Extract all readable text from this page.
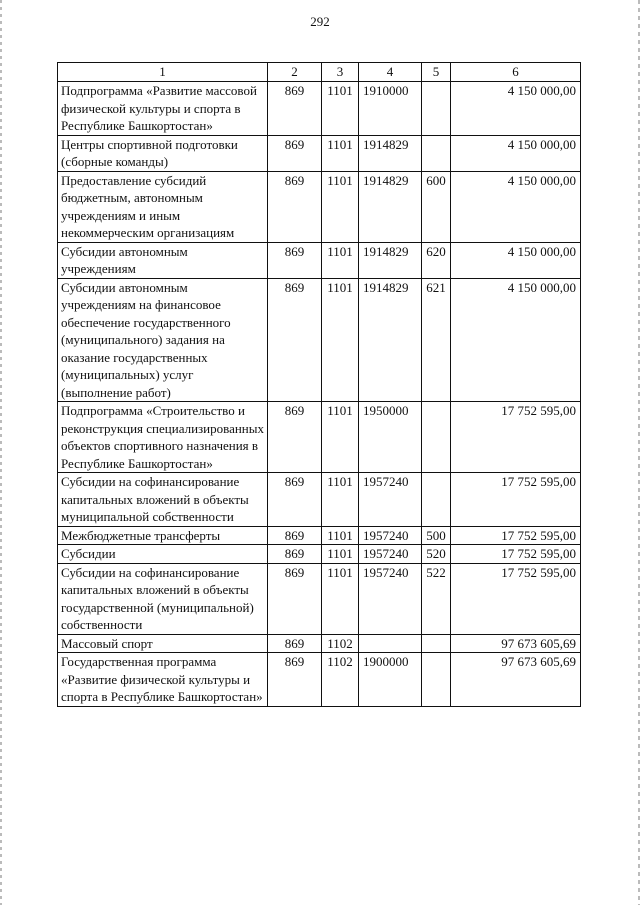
292
1	2	3	4	5	6
Подпрограмма «Развитие массовой физической культуры и спорта в Республике Башкортостан»	869	1101	1910000		4 150 000,00
Центры спортивной подготовки (сборные команды)	869	1101	1914829		4 150 000,00
Предоставление субсидий бюджетным, автономным учреждениям и иным некоммерческим организациям	869	1101	1914829	600	4 150 000,00
Субсидии автономным учреждениям	869	1101	1914829	620	4 150 000,00
Субсидии автономным учреждениям на финансовое обеспечение государственного (муниципального) задания на оказание государственных (муниципальных) услуг (выполнение работ)	869	1101	1914829	621	4 150 000,00
Подпрограмма «Строительство и реконструкция специализированных объектов спортивного назначения в Республике Башкортостан»	869	1101	1950000		17 752 595,00
Субсидии на софинансирование капитальных вложений в объекты муниципальной собственности	869	1101	1957240		17 752 595,00
Межбюджетные трансферты	869	1101	1957240	500	17 752 595,00
Субсидии	869	1101	1957240	520	17 752 595,00
Субсидии на софинансирование капитальных вложений в объекты государственной (муниципальной) собственности	869	1101	1957240	522	17 752 595,00
Массовый спорт	869	1102			97 673 605,69
Государственная программа «Развитие физической культуры и спорта в Республике Башкортостан»	869	1102	1900000		97 673 605,69
